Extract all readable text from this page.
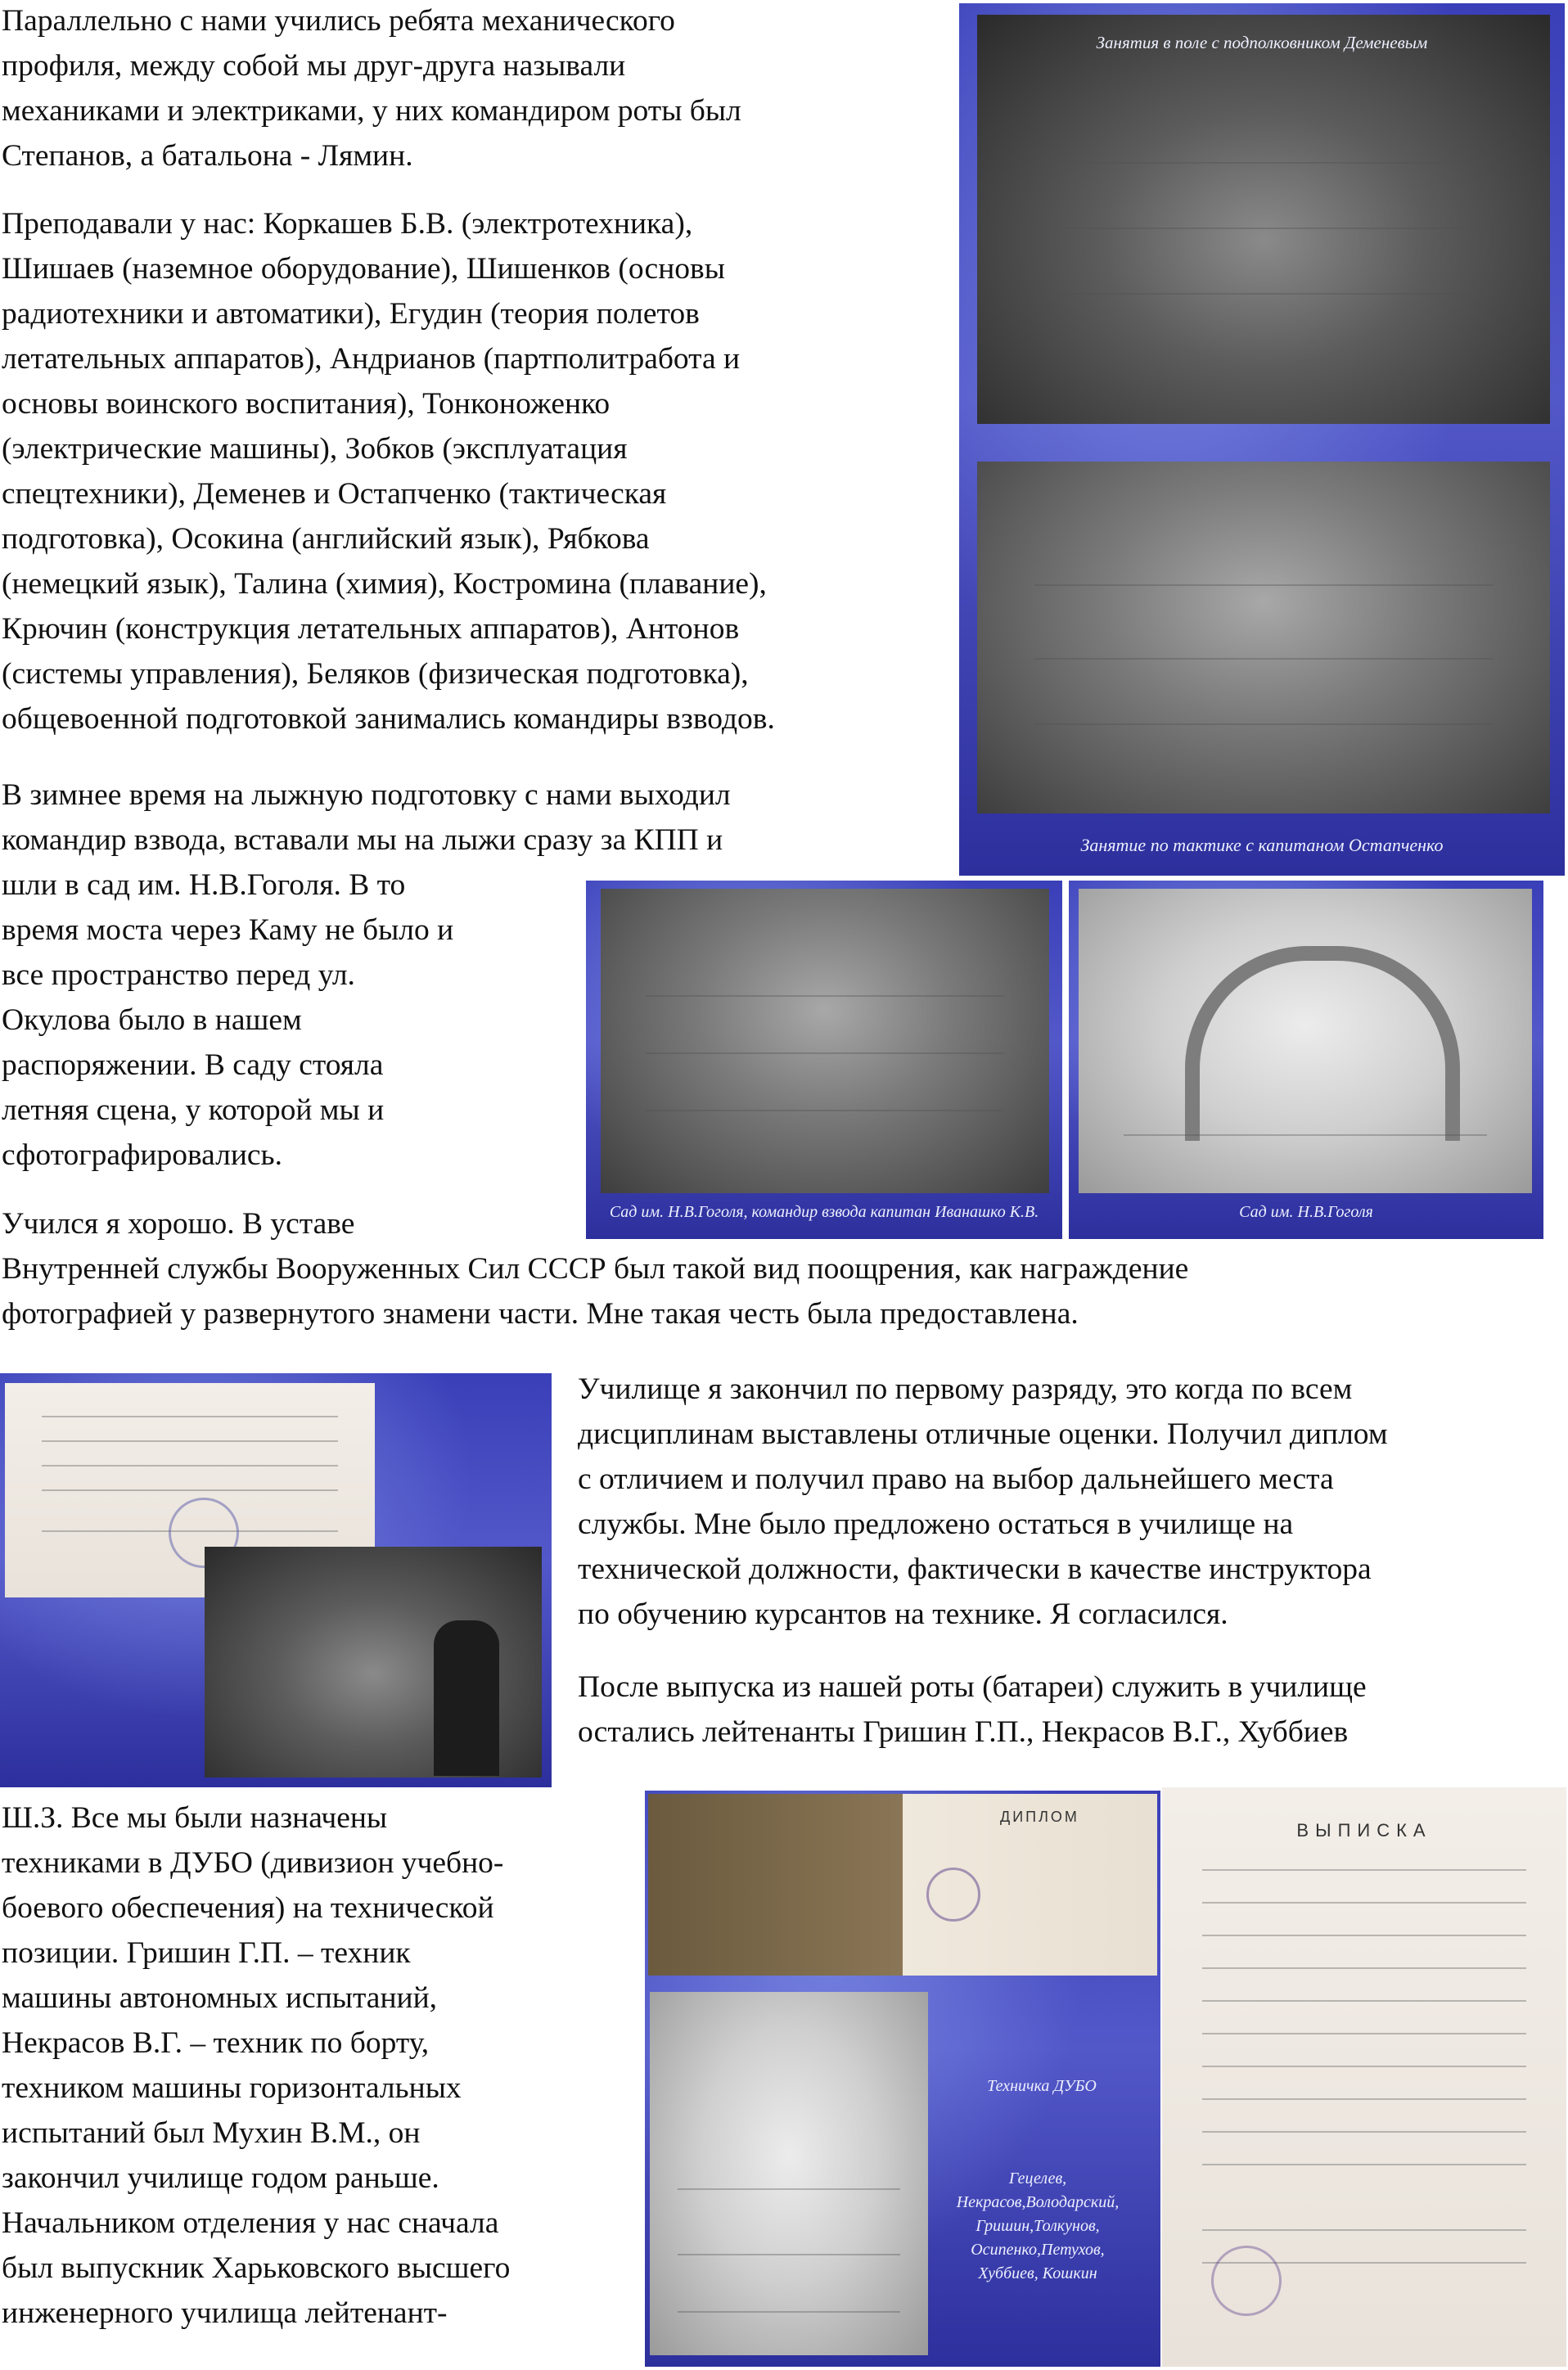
Параллельно с нами учились ребята механического
профиля, между собой мы друг-друга называли
механиками и электриками, у них командиром роты был
Степанов, а батальона - Лямин.

Преподавали у нас: Коркашев Б.В. (электротехника),
Шишаев (наземное оборудование), Шишенков (основы
радиотехники и автоматики), Егудин (теория полетов
летательных аппаратов), Андрианов (партполитработа и
основы воинского воспитания), Тонконоженко
(электрические машины), Зобков (эксплуатация
спецтехники), Деменев и Остапченко (тактическая
подготовка), Осокина (английский язык), Рябкова
(немецкий язык), Талина (химия), Костромина (плавание),
Крючин (конструкция летательных аппаратов), Антонов
(системы управления), Беляков (физическая подготовка),
общевоенной подготовкой занимались командиры взводов.

В зимнее время на лыжную подготовку с нами выходил
командир взвода, вставали мы на лыжи сразу за КПП и

шли в сад им. Н.В.Гоголя. В то
время моста через Каму не было и
все пространство перед ул.
Окулова было в нашем
распоряжении. В саду стояла
летняя сцена, у которой мы и
сфотографировались.

Учился я хорошо. В уставе

Внутренней службы Вооруженных Сил СССР был такой вид поощрения, как награждение
фотографией у развернутого знамени части. Мне такая честь была предоставлена.

Училище я закончил по первому разряду, это когда по всем
дисциплинам выставлены отличные оценки. Получил диплом
с отличием и получил право на выбор дальнейшего места
службы. Мне было предложено остаться в училище на
технической должности, фактически в качестве инструктора
по обучению курсантов на технике. Я согласился.

После выпуска из нашей роты (батареи) служить в училище
остались лейтенанты Гришин Г.П., Некрасов В.Г., Хуббиев

Ш.З. Все мы были назначены
техниками в ДУБО (дивизион учебно-
боевого обеспечения) на технической
позиции. Гришин Г.П. – техник
машины автономных испытаний,
Некрасов В.Г. – техник по борту,
техником машины горизонтальных
испытаний был Мухин В.М., он
закончил училище годом раньше.
Начальником отделения у нас сначала
был выпускник Харьковского высшего
инженерного училища лейтенант-

Занятия в поле с подполковником Деменевым
Занятие по тактике с капитаном Остапченко
Сад им. Н.В.Гоголя, командир взвода капитан Иванашко К.В.	Сад им. Н.В.Гоголя
ДИПЛОМ
Техничка ДУБО
Гецелев,
Некрасов,Володарский,
Гришин,Толкунов,
Осипенко,Петухов,
Хуббиев, Кошкин
ВЫПИСКА
